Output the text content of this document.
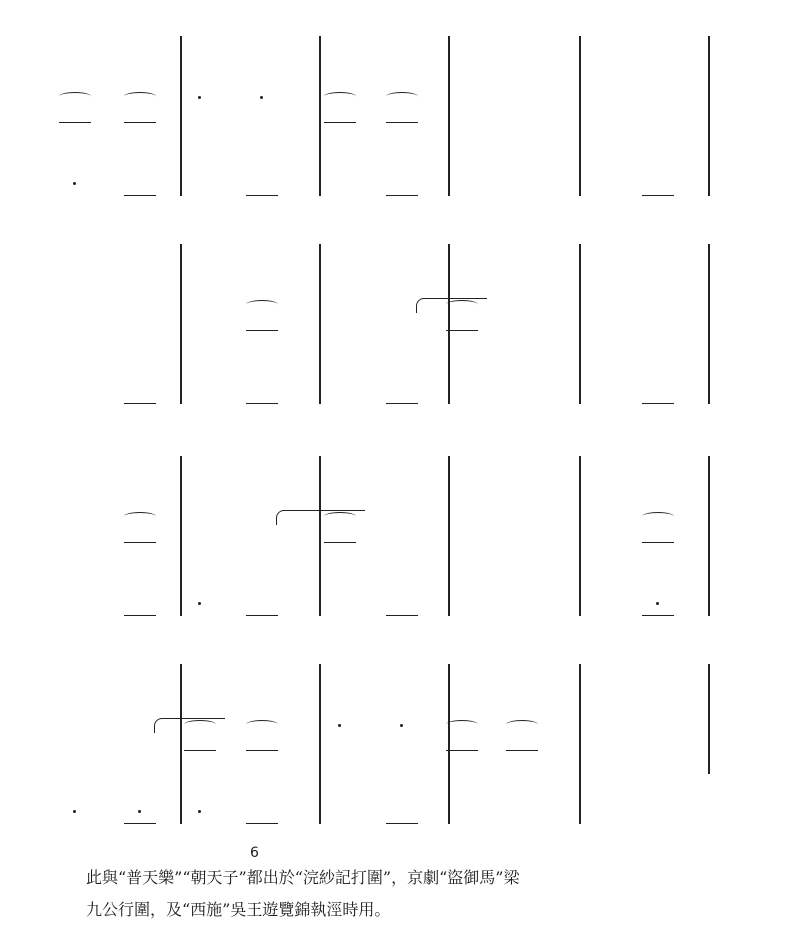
6
此與“普天樂”“朝天子”都出於“浣紗記打圍”，京劇“盜御馬”梁
九公行圍，及“西施”吳王遊覽錦執涇時用。
